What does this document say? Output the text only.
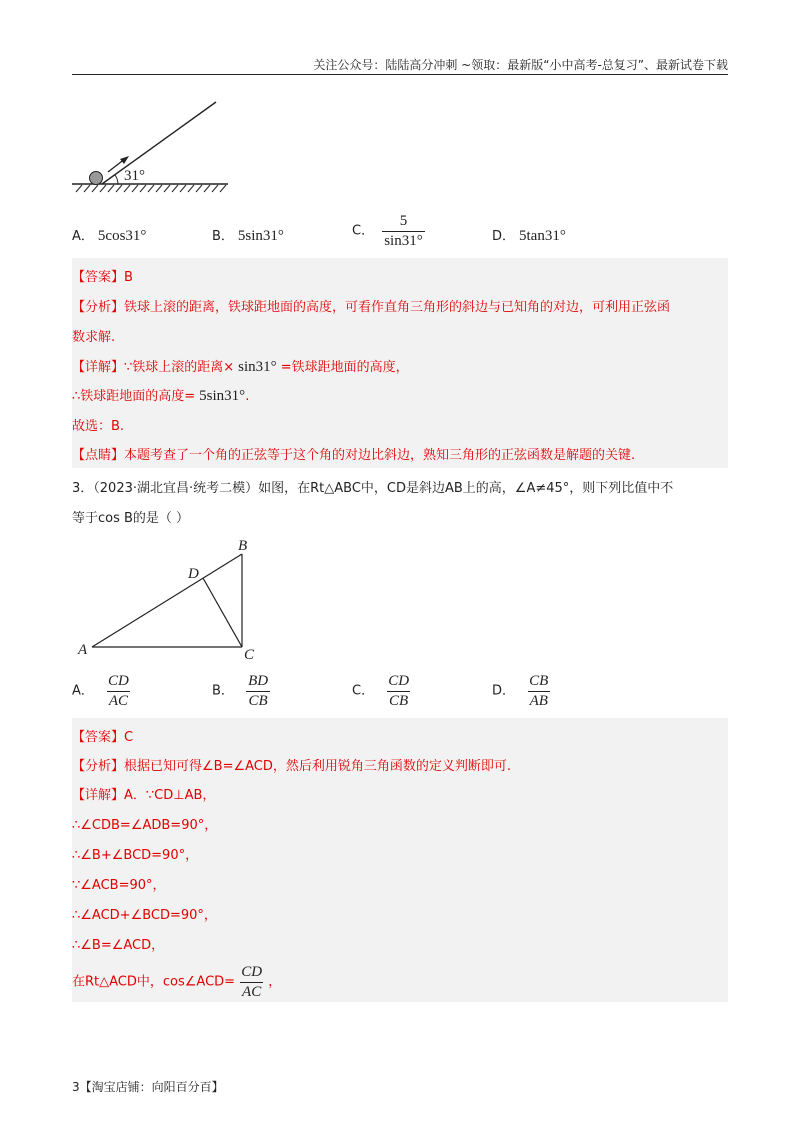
关注公众号：陆陆高分冲刺 ~领取：最新版“小中高考-总复习”、最新试卷下载
31°
A． 5cos31°	B． 5sin31°	C． $\frac{5}{\sin 31^\circ}$	D． 5tan31°
【答案】B
【分析】铁球上滚的距离，铁球距地面的高度，可看作直角三角形的斜边与已知角的对边，可利用正弦函
数求解.
【详解】∵铁球上滚的距离× sin31° =铁球距地面的高度，
∴铁球距地面的高度= 5sin31°.
故选：B.
【点睛】本题考查了一个角的正弦等于这个角的对边比斜边，熟知三角形的正弦函数是解题的关键.
3．（2023·湖北宜昌·统考二模）如图，在Rt△ABC中，CD是斜边AB上的高，∠A≠45°，则下列比值中不
等于cos B的是（ ）
A
B
C
D
A． $\frac{CD}{AC}$	B． $\frac{BD}{CB}$	C． $\frac{CD}{CB}$	D． $\frac{CB}{AB}$
【答案】C
【分析】根据已知可得∠B=∠ACD，然后利用锐角三角函数的定义判断即可.
【详解】A．∵CD⊥AB，
∴∠CDB=∠ADB=90°，
∴∠B+∠BCD=90°，
∵∠ACB=90°，
∴∠ACD+∠BCD=90°，
∴∠B=∠ACD，
在Rt△ACD中，cos∠ACD= $\frac{CD}{AC}$ ，
3【淘宝店铺：向阳百分百】
